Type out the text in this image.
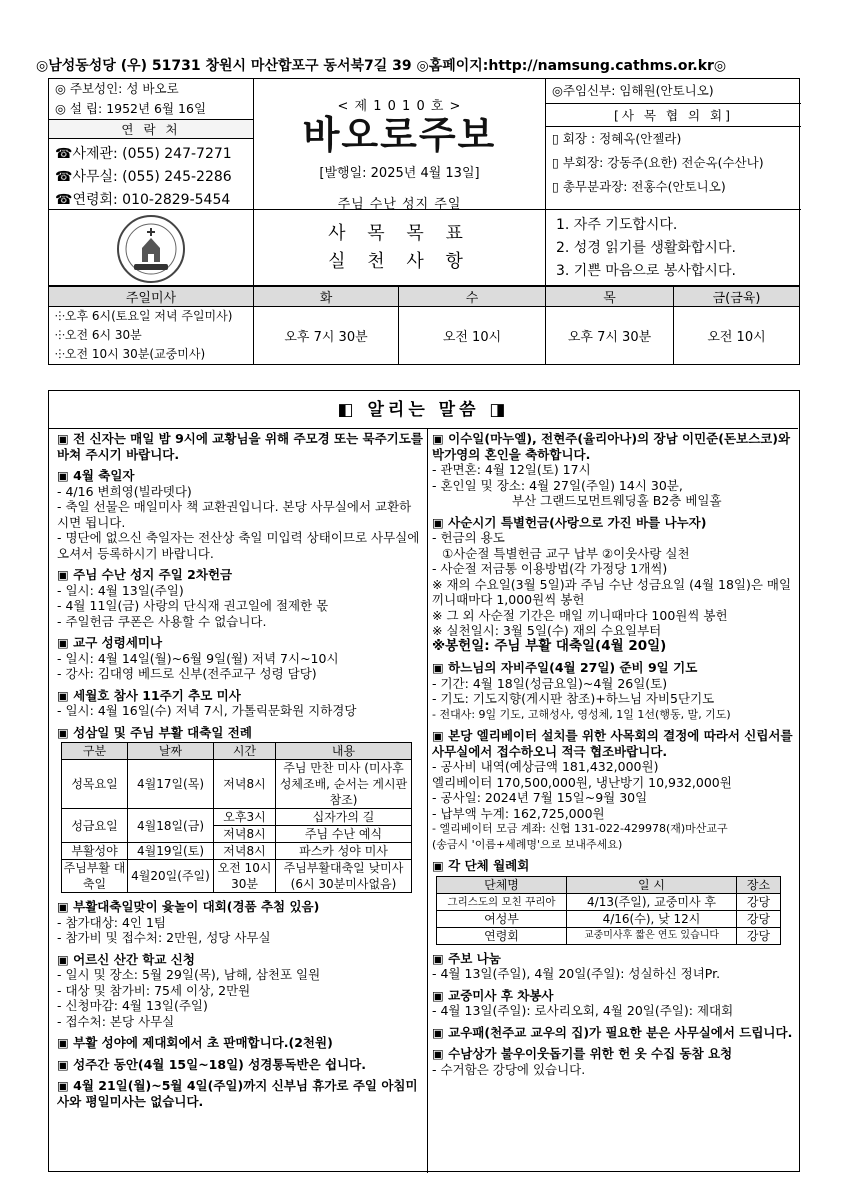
◎남성동성당 (우) 51731 창원시 마산합포구 동서북7길 39 ◎홈페이지:http://namsung.cathms.or.kr◎
◎ 주보성인: 성 바오로
◎ 설 립: 1952년 6월 16일
연 락 처
☎사제관: (055) 247-7271
☎사무실: (055) 245-2286
☎연령회: 010-2829-5454
< 제 1 0 1 0 호 >
바오로주보
[발행일: 2025년 4월 13일]
주님 수난 성지 주일
◎주임신부: 임해원(안토니오)
[사 목 협 의 회]
▯ 회장 : 정혜옥(안젤라)
▯ 부회장: 강동주(요한) 전순옥(수산나)
▯ 총무분과장: 전홍수(안토니오)
사 목 목 표
실 천 사 항
1. 자주 기도합시다.
2. 성경 읽기를 생활화합시다.
3. 기쁜 마음으로 봉사합시다.
주일미사	화	수	목	금(금육)

⸭오후 6시(토요일 저녁 주일미사)
⸭오전 6시 30분
⸭오전 10시 30분(교중미사)	오후 7시 30분	오전 10시	오후 7시 30분	오전 10시
◧ 알리는 말씀 ◨
▣ 전 신자는 매일 밤 9시에 교황님을 위해 주모경 또는 묵주기도를 바쳐 주시기 바랍니다.
▣ 4월 축일자
- 4/16 변희영(빌라뎃다)
- 축일 선물은 매일미사 책 교환권입니다. 본당 사무실에서 교환하시면 됩니다.
- 명단에 없으신 축일자는 전산상 축일 미입력 상태이므로 사무실에 오셔서 등록하시기 바랍니다.
▣ 주님 수난 성지 주일 2차헌금
- 일시: 4월 13일(주일)
- 4월 11일(금) 사랑의 단식재 권고일에 절제한 몫
- 주일헌금 쿠폰은 사용할 수 없습니다.
▣ 교구 성령세미나
- 일시: 4월 14일(월)~6월 9일(월) 저녁 7시~10시
- 강사: 김대영 베드로 신부(전주교구 성령 담당)
▣ 세월호 참사 11주기 추모 미사
- 일시: 4월 16일(수) 저녁 7시, 가톨릭문화원 지하경당
▣ 성삼일 및 주님 부활 대축일 전례
구분	날짜	시간	내용
성목요일	4월17일(목)	저녁8시	주님 만찬 미사 (미사후 성체조배, 순서는 게시판 참조)
성금요일	4월18일(금)	오후3시	십자가의 길
		저녁8시	주님 수난 예식
부활성야	4월19일(토)	저녁8시	파스카 성야 미사
주님부활 대축일	4월20일(주일)	오전 10시30분	주님부활대축일 낮미사 (6시 30분미사없음)
▣ 부활대축일맞이 윷놀이 대회(경품 추첨 있음)
- 참가대상: 4인 1팀
- 참가비 및 접수처: 2만원, 성당 사무실
▣ 어르신 산간 학교 신청
- 일시 및 장소: 5월 29일(목), 남해, 삼천포 일원
- 대상 및 참가비: 75세 이상, 2만원
- 신청마감: 4월 13일(주일)
- 접수처: 본당 사무실
▣ 부활 성야에 제대회에서 초 판매합니다.(2천원)
▣ 성주간 동안(4월 15일~18일) 성경통독반은 쉽니다.
▣ 4월 21일(월)~5월 4일(주일)까지 신부님 휴가로 주일 아침미사와 평일미사는 없습니다.
▣ 이수일(마누엘), 전현주(율리아나)의 장남 이민준(돈보스코)와 박가영의 혼인을 축하합니다.
- 관면혼: 4월 12일(토) 17시
- 혼인일 및 장소: 4월 27일(주일) 14시 30분,
부산 그랜드모먼트웨딩홀 B2층 베일홀
▣ 사순시기 특별헌금(사랑으로 가진 바를 나누자)
- 헌금의 용도
①사순절 특별헌금 교구 납부 ②이웃사랑 실천
- 사순절 저금통 이용방법(각 가정당 1개씩)
※ 재의 수요일(3월 5일)과 주님 수난 성금요일 (4월 18일)은 매일 끼니때마다 1,000원씩 봉헌
※ 그 외 사순절 기간은 매일 끼니때마다 100원씩 봉헌
※ 실천일시: 3월 5일(수) 재의 수요일부터
※봉헌일: 주님 부활 대축일(4월 20일)
▣ 하느님의 자비주일(4월 27일) 준비 9일 기도
- 기간: 4월 18일(성금요일)~4월 26일(토)
- 기도: 기도지향(게시판 참조)+하느님 자비5단기도
- 전대사: 9일 기도, 고해성사, 영성체, 1일 1선(행동, 말, 기도)
▣ 본당 엘리베이터 설치를 위한 사목회의 결정에 따라서 신립서를 사무실에서 접수하오니 적극 협조바랍니다.
- 공사비 내역(예상금액 181,432,000원)
엘리베이터 170,500,000원, 냉난방기 10,932,000원
- 공사일: 2024년 7월 15일~9월 30일
- 납부액 누계: 162,725,000원
- 엘리베이터 모금 계좌: 신협 131-022-429978(재)마산교구
(송금시 '이름+세례명'으로 보내주세요)
▣ 각 단체 월례회
단체명	일 시	장소
그리스도의 모친 꾸리아	4/13(주일), 교중미사 후	강당
여성부	4/16(수), 낮 12시	강당
연령회	교중미사후 짧은 연도 있습니다	강당
▣ 주보 나눔
- 4월 13일(주일), 4월 20일(주일): 성실하신 정녀Pr.
▣ 교중미사 후 차봉사
- 4월 13일(주일): 로사리오회, 4월 20일(주일): 제대회
▣ 교우패(천주교 교우의 집)가 필요한 분은 사무실에서 드립니다.
▣ 수남상가 불우이웃돕기를 위한 헌 옷 수집 동참 요청
- 수거함은 강당에 있습니다.
